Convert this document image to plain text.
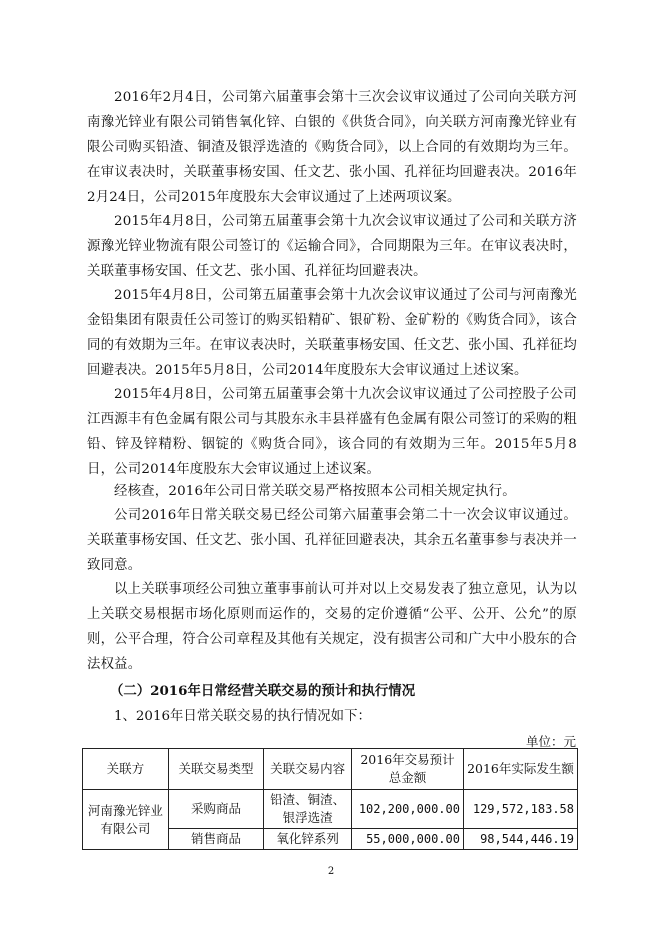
2016年2月4日，公司第六届董事会第十三次会议审议通过了公司向关联方河南豫光锌业有限公司销售氧化锌、白银的《供货合同》，向关联方河南豫光锌业有限公司购买铅渣、铜渣及银浮选渣的《购货合同》，以上合同的有效期均为三年。在审议表决时，关联董事杨安国、任文艺、张小国、孔祥征均回避表决。2016年2月24日，公司2015年度股东大会审议通过了上述两项议案。

2015年4月8日，公司第五届董事会第十九次会议审议通过了公司和关联方济源豫光锌业物流有限公司签订的《运输合同》，合同期限为三年。在审议表决时，关联董事杨安国、任文艺、张小国、孔祥征均回避表决。

2015年4月8日，公司第五届董事会第十九次会议审议通过了公司与河南豫光金铅集团有限责任公司签订的购买铅精矿、银矿粉、金矿粉的《购货合同》，该合同的有效期为三年。在审议表决时，关联董事杨安国、任文艺、张小国、孔祥征均回避表决。2015年5月8日，公司2014年度股东大会审议通过上述议案。

2015年4月8日，公司第五届董事会第十九次会议审议通过了公司控股子公司江西源丰有色金属有限公司与其股东永丰县祥盛有色金属有限公司签订的采购的粗铅、锌及锌精粉、铟锭的《购货合同》，该合同的有效期为三年。2015年5月8日，公司2014年度股东大会审议通过上述议案。

经核查，2016年公司日常关联交易严格按照本公司相关规定执行。

公司2016年日常关联交易已经公司第六届董事会第二十一次会议审议通过。关联董事杨安国、任文艺、张小国、孔祥征回避表决，其余五名董事参与表决并一致同意。

以上关联事项经公司独立董事事前认可并对以上交易发表了独立意见，认为以上关联交易根据市场化原则而运作的，交易的定价遵循“公平、公开、公允”的原则，公平合理，符合公司章程及其他有关规定，没有损害公司和广大中小股东的合法权益。

（二）2016年日常经营关联交易的预计和执行情况

1、2016年日常关联交易的执行情况如下：

单位：元

关联方	关联交易类型	关联交易内容	2016年交易预计总金额	2016年实际发生额
河南豫光锌业有限公司	采购商品	铅渣、铜渣、银浮选渣	102,200,000.00	129,572,183.58
	销售商品	氧化锌系列	55,000,000.00	98,544,446.19
2
